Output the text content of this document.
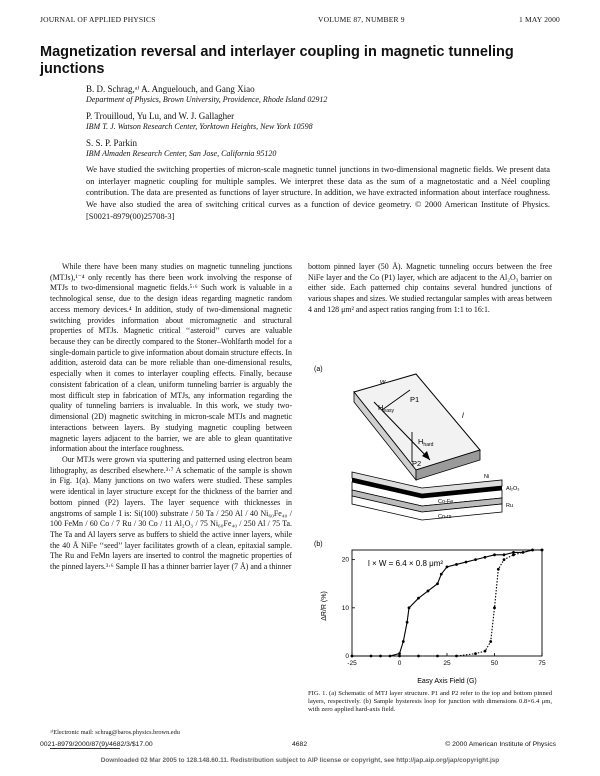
JOURNAL OF APPLIED PHYSICS	VOLUME 87, NUMBER 9	1 MAY 2000
Magnetization reversal and interlayer coupling in magnetic tunneling junctions
B. D. Schrag,ᵃ⁾ A. Anguelouch, and Gang Xiao
Department of Physics, Brown University, Providence, Rhode Island 02912
P. Trouilloud, Yu Lu, and W. J. Gallagher
IBM T. J. Watson Research Center, Yorktown Heights, New York 10598
S. S. P. Parkin
IBM Almaden Research Center, San Jose, California 95120
We have studied the switching properties of micron-scale magnetic tunnel junctions in two-dimensional magnetic fields. We present data on interlayer magnetic coupling for multiple samples. We interpret these data as the sum of a magnetostatic and a Néel coupling contribution. The data are presented as functions of layer structure. In addition, we have extracted information about interface roughness. We have also studied the area of switching critical curves as a function of device geometry. © 2000 American Institute of Physics. [S0021-8979(00)25708-3]

While there have been many studies on magnetic tunneling junctions (MTJs),¹⁻⁴ only recently has there been work involving the response of MTJs to two-dimensional magnetic fields.⁵·⁶ Such work is valuable in a technological sense, due to the design ideas regarding magnetic random access memory devices.⁴ In addition, study of two-dimensional magnetic switching provides information about micromagnetic and structural properties of MTJs. Magnetic critical ‘‘asteroid’’ curves are valuable because they can be directly compared to the Stoner–Wohlfarth model for a single-domain particle to give information about domain structure effects. In addition, asteroid data can be more reliable than one-dimensional results, especially when it comes to interlayer coupling effects. Finally, because consistent fabrication of a clean, uniform tunneling barrier is arguably the most difficult step in fabrication of MTJs, any information regarding the quality of tunneling barriers is invaluable. In this work, we study two-dimensional (2D) magnetic switching in micron-scale MTJs and magnetic interactions between layers. By studying magnetic coupling between magnetic layers adjacent to the barrier, we are able to glean quantitative information about the interface roughness.

Our MTJs were grown via sputtering and patterned using electron beam lithography, as described elsewhere.³·⁷ A schematic of the sample is shown in Fig. 1(a). Many junctions on two wafers were studied. These samples were identical in layer structure except for the thickness of the barrier and bottom pinned (P2) layers. The layer sequence with thicknesses in angstroms of sample I is: Si(100) substrate / 50 Ta / 250 Al / 40 Ni₆₀Fe₄₀ / 100 FeMn / 60 Co / 7 Ru / 30 Co / 11 Al₂O₃ / 75 Ni₆₀Fe₄₀ / 250 Al / 75 Ta. The Ta and Al layers serve as buffers to shield the active inner layers, while the 40 Å NiFe ‘‘seed’’ layer facilitates growth of a clean, epitaxial sample. The Ru and FeMn layers are inserted to control the magnetic properties of the pinned layers.³·⁶ Sample II has a thinner barrier layer (7 Å) and a thinner

bottom pinned layer (50 Å). Magnetic tunneling occurs between the free NiFe layer and the Co (P1) layer, which are adjacent to the Al₂O₃ barrier on either side. Each patterned chip contains several hundred junctions of various shapes and sizes. We studied rectangular samples with areas between 4 and 128 μm² and aspect ratios ranging from 1:1 to 16:1.

(a)
$H_{easy}$
P1
$H_{hard}$
P2
w
l
Ni
Al₂O₃
Co-Fe
Ru
Co-rs
(b)
l × W = 6.4 × 0.8 μm²
Easy Axis Field (G)
ΔR/R (%)
-25	0	25	50	75
0
10
20
FIG. 1. (a) Schematic of MTJ layer structure. P1 and P2 refer to the top and bottom pinned layers, respectively. (b) Sample hysteresis loop for junction with dimensions 0.8×6.4 μm, with zero applied hard-axis field.
ᵃ⁾Electronic mail: schrag@baros.physics.brown.edu
0021-8979/2000/87(9)/4682/3/$17.00	4682	© 2000 American Institute of Physics
Downloaded 02 Mar 2005 to 128.148.60.11. Redistribution subject to AIP license or copyright, see http://jap.aip.org/jap/copyright.jsp
